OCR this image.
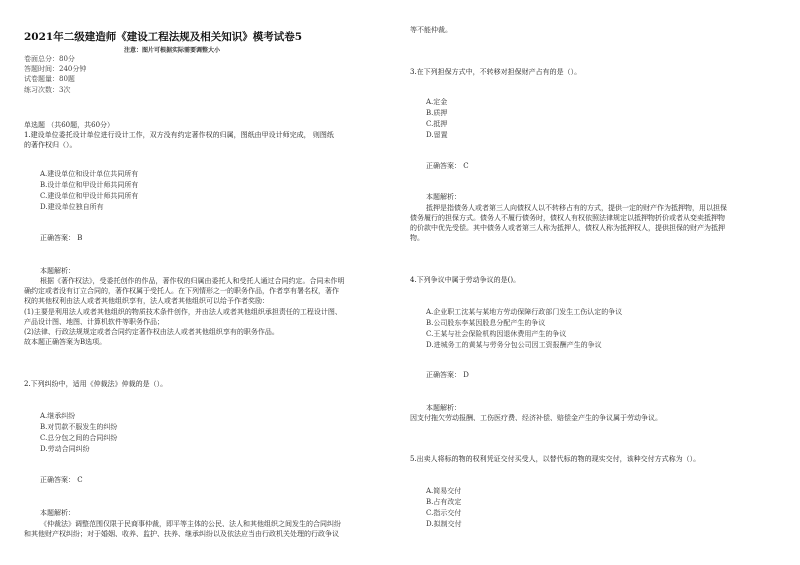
2021年二级建造师《建设工程法规及相关知识》模考试卷5
注意：图片可根据实际需要调整大小
卷面总分：80分
答题时间：240分钟
试卷题量：80题
练习次数：3次
单选题 （共60题，共60分）
1.建设单位委托设计单位进行设计工作，双方没有约定著作权的归属，图纸由甲设计师完成， 则图纸
的著作权归（）。
A.建设单位和设计单位共同所有
B.设计单位和甲设计师共同所有
C.建设单位和甲设计师共同所有
D.建设单位独自所有
正确答案： B
本题解析：
根据《著作权法》，受委托创作的作品，著作权的归属由委托人和受托人通过合同约定。合同未作明
确约定或者没有订立合同的，著作权属于受托人。在下列情形之一的职务作品，作者享有署名权，著作
权的其他权利由法人或者其他组织享有，法人或者其他组织可以给予作者奖励：
(1)主要是利用法人或者其他组织的物质技术条件创作，并由法人或者其他组织承担责任的工程设计图、
产品设计图、地图、计算机软件等职务作品；
(2)法律、行政法规规定或者合同约定著作权由法人或者其他组织享有的职务作品。
故本题正确答案为B选项。
2.下列纠纷中，适用《仲裁法》仲裁的是（）。
A.继承纠纷
B.对罚款不服发生的纠纷
C.总分包之间的合同纠纷
D.劳动合同纠纷
正确答案： C
本题解析：
《仲裁法》调整范围仅限于民商事仲裁，即平等主体的公民、法人和其他组织之间发生的合同纠纷
和其他财产权纠纷；对于婚姻、收养、监护、扶养、继承纠纷以及依法应当由行政机关处理的行政争议
等不能仲裁。
3.在下列担保方式中，不转移对担保财产占有的是（）。
A.定金
B.质押
C.抵押
D.留置
正确答案： C
本题解析：
抵押是指债务人或者第三人向债权人以不转移占有的方式，提供一定的财产作为抵押物，用以担保
债务履行的担保方式。债务人不履行债务时，债权人有权依照法律规定以抵押物折价或者从变卖抵押物
的价款中优先受偿。其中债务人或者第三人称为抵押人，债权人称为抵押权人，提供担保的财产为抵押
物。
4.下列争议中属于劳动争议的是()。
A.企业职工沈某与某地方劳动保障行政部门发生工伤认定的争议
B.公司股东李某因股息分配产生的争议
C.王某与社会保险机构因退休费用产生的争议
D.进城务工的黄某与劳务分包公司因工资报酬产生的争议
正确答案： D
本题解析：
因支付拖欠劳动报酬、工伤医疗费、经济补偿、赔偿金产生的争议属于劳动争议。
5.出卖人将标的物的权利凭证交付买受人，以替代标的物的现实交付，该种交付方式称为（）。
A.简易交付
B.占有改定
C.指示交付
D.拟制交付
